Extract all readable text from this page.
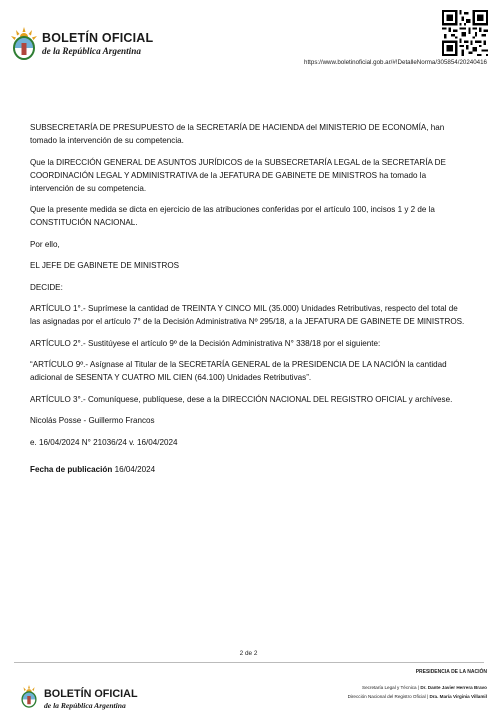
BOLETÍN OFICIAL
de la República Argentina
https://www.boletinoficial.gob.ar/#!DetalleNorma/305854/20240416

SUBSECRETARÍA DE PRESUPUESTO de la SECRETARÍA DE HACIENDA del MINISTERIO DE ECONOMÍA, han tomado la intervención de su competencia.

Que la DIRECCIÓN GENERAL DE ASUNTOS JURÍDICOS de la SUBSECRETARÍA LEGAL de la SECRETARÍA DE COORDINACIÓN LEGAL Y ADMINISTRATIVA de la JEFATURA DE GABINETE DE MINISTROS ha tomado la intervención de su competencia.

Que la presente medida se dicta en ejercicio de las atribuciones conferidas por el artículo 100, incisos 1 y 2 de la CONSTITUCIÓN NACIONAL.

Por ello,

EL JEFE DE GABINETE DE MINISTROS

DECIDE:

ARTÍCULO 1°.- Suprímese la cantidad de TREINTA Y CINCO MIL (35.000) Unidades Retributivas, respecto del total de las asignadas por el artículo 7° de la Decisión Administrativa Nº 295/18, a la JEFATURA DE GABINETE DE MINISTROS.

ARTÍCULO 2°.- Sustitúyese el artículo 9º de la Decisión Administrativa N° 338/18 por el siguiente:

“ARTÍCULO 9º.- Asígnase al Titular de la SECRETARÍA GENERAL de la PRESIDENCIA DE LA NACIÓN la cantidad adicional de SESENTA Y CUATRO MIL CIEN (64.100) Unidades Retributivas”.

ARTÍCULO 3°.- Comuníquese, publíquese, dese a la DIRECCIÓN NACIONAL DEL REGISTRO OFICIAL y archívese.

Nicolás Posse - Guillermo Francos

e. 16/04/2024 N° 21036/24 v. 16/04/2024

Fecha de publicación 16/04/2024

2 de 2
BOLETÍN OFICIAL
de la República Argentina
PRESIDENCIA DE LA NACIÓN
Secretaría Legal y Técnica | Dr. Dante Javier Herrera Bravo
Dirección Nacional del Registro Oficial | Dra. María Virginia Villamil
